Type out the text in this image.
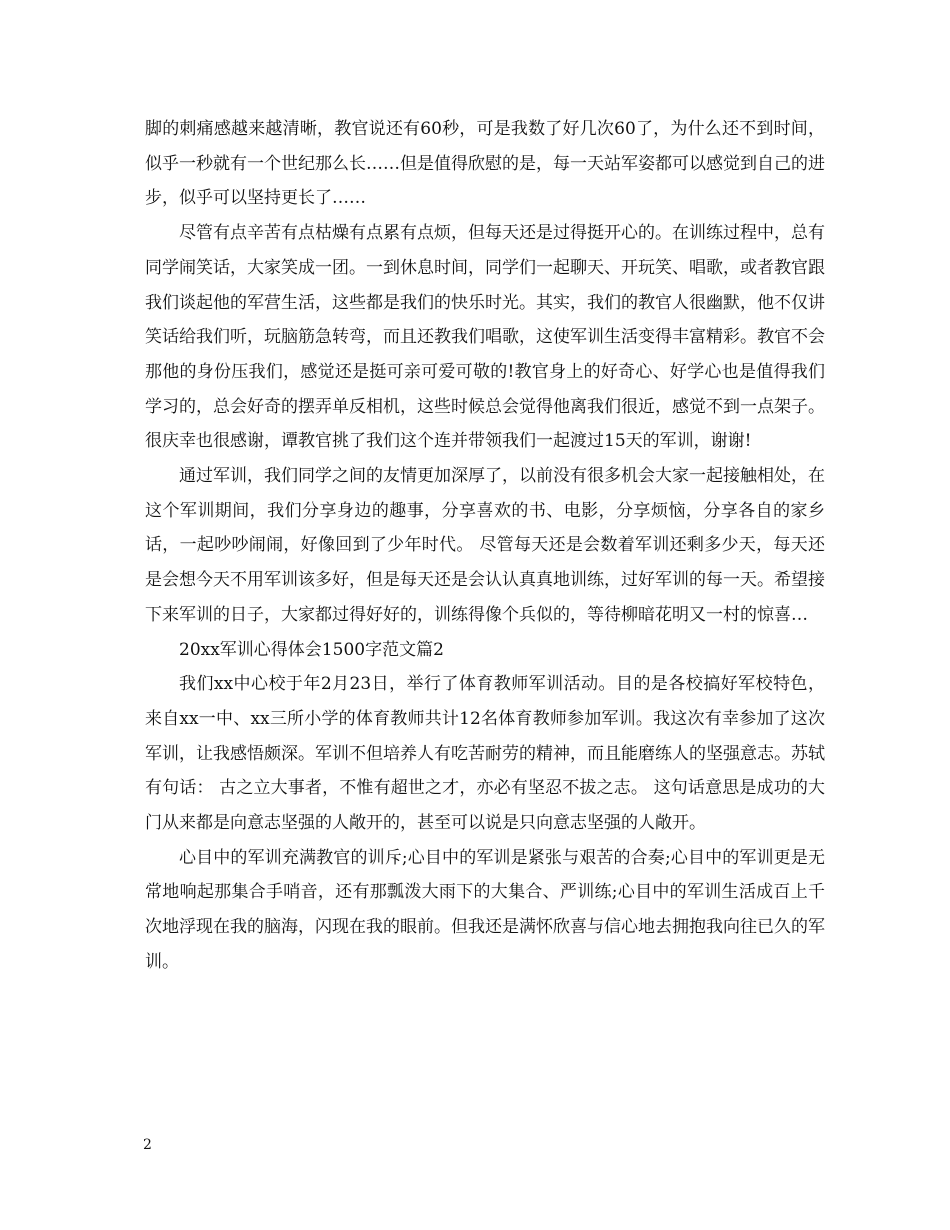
脚的刺痛感越来越清晰，教官说还有60秒，可是我数了好几次60了，为什么还不到时间，似乎一秒就有一个世纪那么长……但是值得欣慰的是，每一天站军姿都可以感觉到自己的进步，似乎可以坚持更长了……

尽管有点辛苦有点枯燥有点累有点烦，但每天还是过得挺开心的。在训练过程中，总有同学闹笑话，大家笑成一团。一到休息时间，同学们一起聊天、开玩笑、唱歌，或者教官跟我们谈起他的军营生活，这些都是我们的快乐时光。其实，我们的教官人很幽默，他不仅讲笑话给我们听，玩脑筋急转弯，而且还教我们唱歌，这使军训生活变得丰富精彩。教官不会那他的身份压我们，感觉还是挺可亲可爱可敬的!教官身上的好奇心、好学心也是值得我们学习的，总会好奇的摆弄单反相机，这些时候总会觉得他离我们很近，感觉不到一点架子。很庆幸也很感谢，谭教官挑了我们这个连并带领我们一起渡过15天的军训，谢谢!

通过军训，我们同学之间的友情更加深厚了，以前没有很多机会大家一起接触相处，在这个军训期间，我们分享身边的趣事，分享喜欢的书、电影，分享烦恼，分享各自的家乡话，一起吵吵闹闹，好像回到了少年时代。 尽管每天还是会数着军训还剩多少天，每天还是会想今天不用军训该多好，但是每天还是会认认真真地训练，过好军训的每一天。希望接下来军训的日子，大家都过得好好的，训练得像个兵似的，等待柳暗花明又一村的惊喜…

20xx军训心得体会1500字范文篇2

我们xx中心校于年2月23日，举行了体育教师军训活动。目的是各校搞好军校特色，来自xx一中、xx三所小学的体育教师共计12名体育教师参加军训。我这次有幸参加了这次军训，让我感悟颇深。军训不但培养人有吃苦耐劳的精神，而且能磨练人的坚强意志。苏轼有句话： 古之立大事者，不惟有超世之才，亦必有坚忍不拔之志。 这句话意思是成功的大门从来都是向意志坚强的人敞开的，甚至可以说是只向意志坚强的人敞开。

心目中的军训充满教官的训斥;心目中的军训是紧张与艰苦的合奏;心目中的军训更是无常地响起那集合手哨音，还有那瓢泼大雨下的大集合、严训练;心目中的军训生活成百上千次地浮现在我的脑海，闪现在我的眼前。但我还是满怀欣喜与信心地去拥抱我向往已久的军训。

2
